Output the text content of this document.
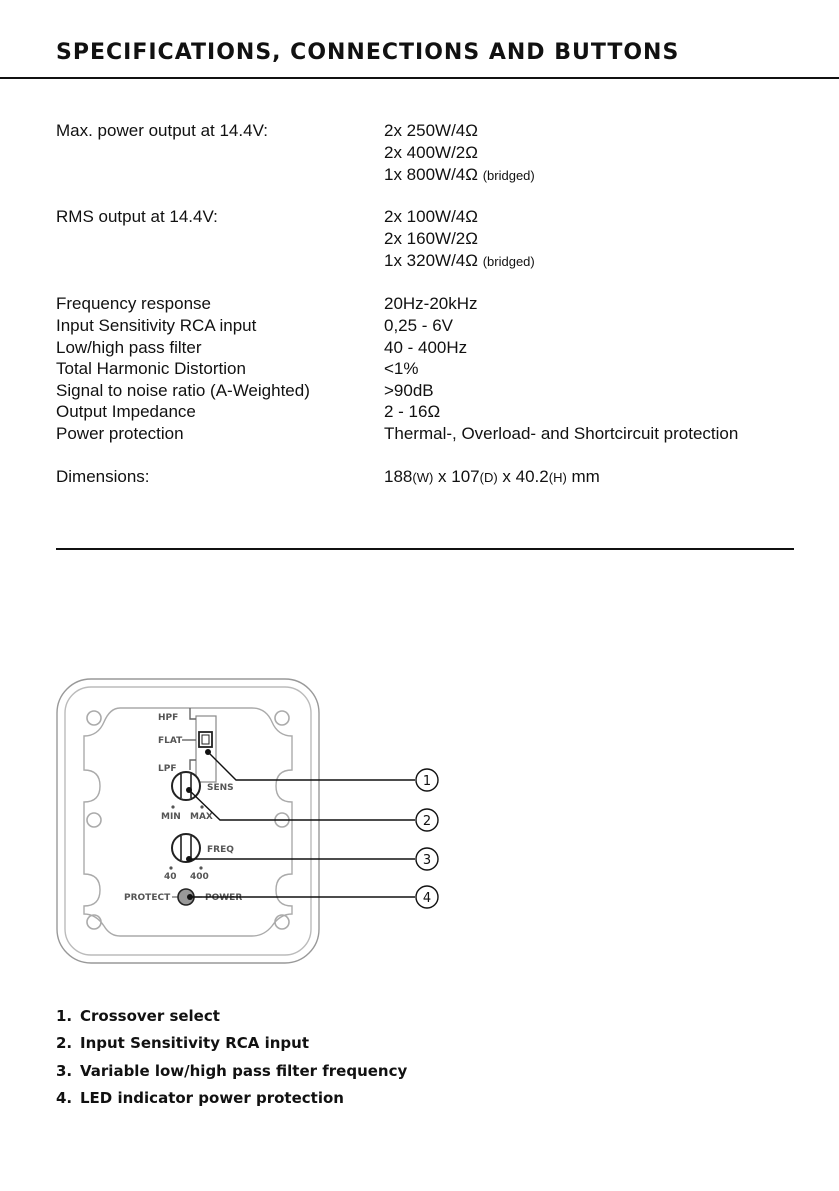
SPECIFICATIONS, CONNECTIONS AND BUTTONS
Max. power output at 14.4V:	2x 250W/4Ω
2x 400W/2Ω
1x 800W/4Ω (bridged)
RMS output at 14.4V:	2x 100W/4Ω
2x 160W/2Ω
1x 320W/4Ω (bridged)
Frequency response	20Hz-20kHz
Input Sensitivity RCA input	0,25 - 6V
Low/high pass filter	40 - 400Hz
Total Harmonic Distortion	<1%
Signal to noise ratio (A-Weighted)	>90dB
Output Impedance	2 - 16Ω
Power protection	Thermal-, Overload- and Shortcircuit protection
Dimensions:	188(W) x 107(D) x 40.2(H) mm
HPF
FLAT
LPF
SENS
MIN MAX
FREQ
40 400
PROTECT	POWER
1
2
3
4
1. Crossover select
2. Input Sensitivity RCA input
3. Variable low/high pass filter frequency
4. LED indicator power protection
